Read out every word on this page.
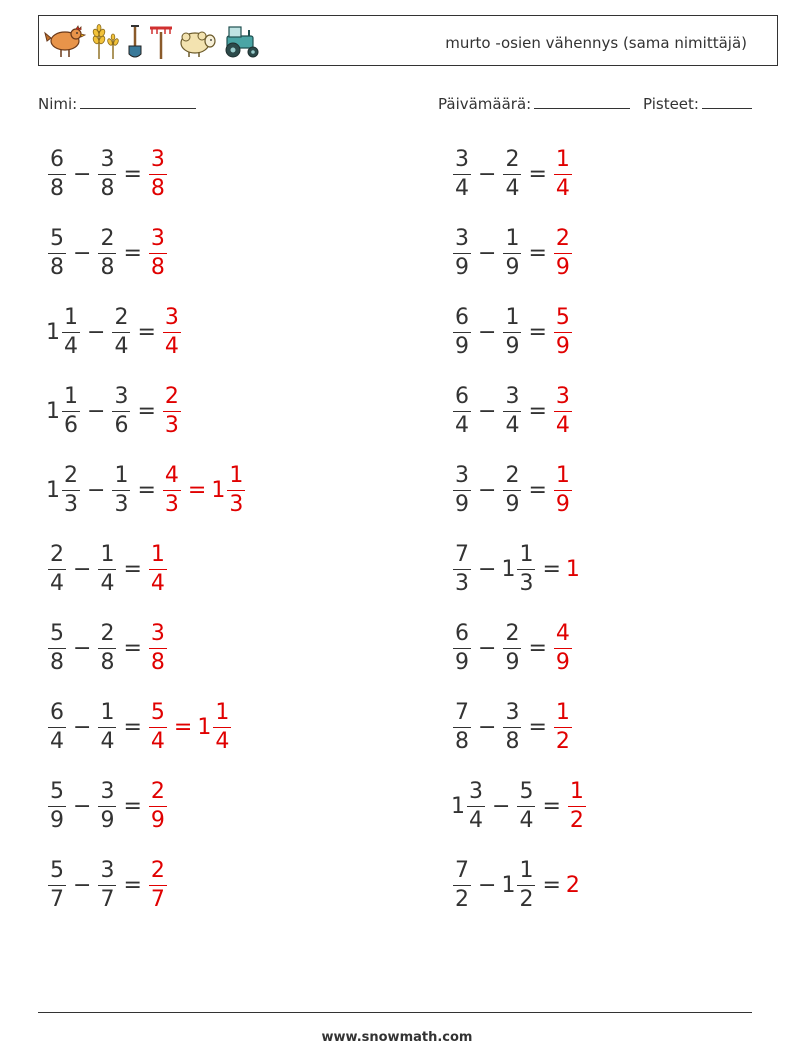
murto -osien vähennys (sama nimittäjä)
Nimi:	Päivämäärä:	Pisteet:
$\frac{6}{8} - \frac{3}{8} = \frac{3}{8}$
$\frac{5}{8} - \frac{2}{8} = \frac{3}{8}$
$1 \frac{1}{4} - \frac{2}{4} = \frac{3}{4}$
$1 \frac{1}{6} - \frac{3}{6} = \frac{2}{3}$
$1 \frac{2}{3} - \frac{1}{3} = \frac{4}{3} = 1 \frac{1}{3}$
$\frac{2}{4} - \frac{1}{4} = \frac{1}{4}$
$\frac{5}{8} - \frac{2}{8} = \frac{3}{8}$
$\frac{6}{4} - \frac{1}{4} = \frac{5}{4} = 1 \frac{1}{4}$
$\frac{5}{9} - \frac{3}{9} = \frac{2}{9}$
$\frac{5}{7} - \frac{3}{7} = \frac{2}{7}$
$\frac{3}{4} - \frac{2}{4} = \frac{1}{4}$
$\frac{3}{9} - \frac{1}{9} = \frac{2}{9}$
$\frac{6}{9} - \frac{1}{9} = \frac{5}{9}$
$\frac{6}{4} - \frac{3}{4} = \frac{3}{4}$
$\frac{3}{9} - \frac{2}{9} = \frac{1}{9}$
$\frac{7}{3} - 1 \frac{1}{3} = 1$
$\frac{6}{9} - \frac{2}{9} = \frac{4}{9}$
$\frac{7}{8} - \frac{3}{8} = \frac{1}{2}$
$1 \frac{3}{4} - \frac{5}{4} = \frac{1}{2}$
$\frac{7}{2} - 1 \frac{1}{2} = 2$
www.snowmath.com
